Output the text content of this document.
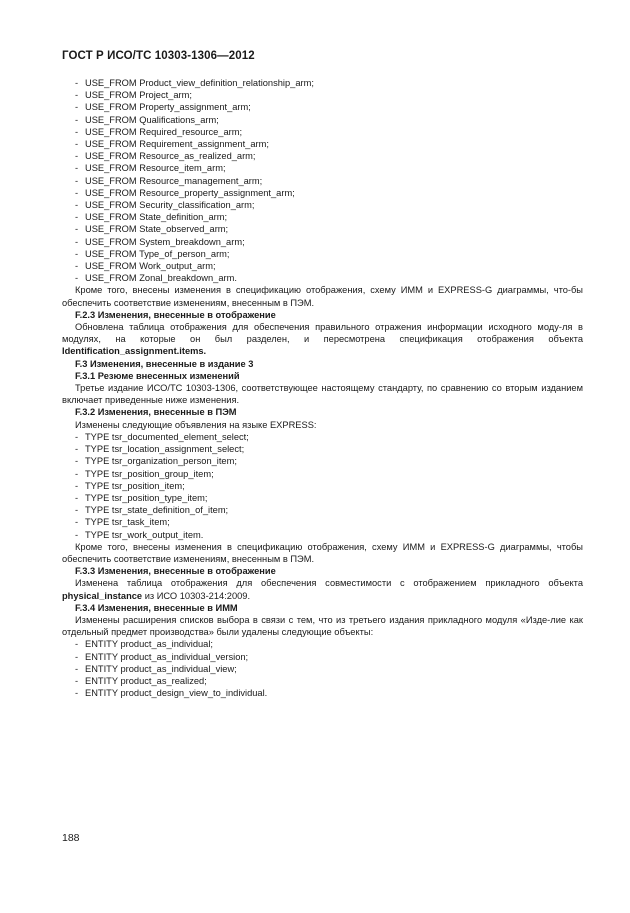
ГОСТ Р ИСО/ТС 10303-1306—2012

- USE_FROM Product_view_definition_relationship_arm;

- USE_FROM Project_arm;

- USE_FROM Property_assignment_arm;

- USE_FROM Qualifications_arm;

- USE_FROM Required_resource_arm;

- USE_FROM Requirement_assignment_arm;

- USE_FROM Resource_as_realized_arm;

- USE_FROM Resource_item_arm;

- USE_FROM Resource_management_arm;

- USE_FROM Resource_property_assignment_arm;

- USE_FROM Security_classification_arm;

- USE_FROM State_definition_arm;

- USE_FROM State_observed_arm;

- USE_FROM System_breakdown_arm;

- USE_FROM Type_of_person_arm;

- USE_FROM Work_output_arm;

- USE_FROM Zonal_breakdown_arm.

Кроме того, внесены изменения в спецификацию отображения, схему ИММ и EXPRESS-G диаграммы, что-бы обеспечить соответствие изменениям, внесенным в ПЭМ.

F.2.3 Изменения, внесенные в отображение

Обновлена таблица отображения для обеспечения правильного отражения информации исходного моду-ля в модулях, на которые он был разделен, и пересмотрена спецификация отображения объекта Identification_assignment.items.

F.3 Изменения, внесенные в издание 3

F.3.1 Резюме внесенных изменений

Третье издание ИСО/ТС 10303-1306, соответствующее настоящему стандарту, по сравнению со вторым изданием включает приведенные ниже изменения.

F.3.2 Изменения, внесенные в ПЭМ

Изменены следующие объявления на языке EXPRESS:

- TYPE tsr_documented_element_select;

- TYPE tsr_location_assignment_select;

- TYPE tsr_organization_person_item;

- TYPE tsr_position_group_item;

- TYPE tsr_position_item;

- TYPE tsr_position_type_item;

- TYPE tsr_state_definition_of_item;

- TYPE tsr_task_item;

- TYPE tsr_work_output_item.

Кроме того, внесены изменения в спецификацию отображения, схему ИММ и EXPRESS-G диаграммы, чтобы обеспечить соответствие изменениям, внесенным в ПЭМ.

F.3.3 Изменения, внесенные в отображение

Изменена таблица отображения для обеспечения совместимости с отображением прикладного объекта physical_instance из ИСО 10303-214:2009.

F.3.4 Изменения, внесенные в ИММ

Изменены расширения списков выбора в связи с тем, что из третьего издания прикладного модуля «Изде-лие как отдельный предмет производства» были удалены следующие объекты:

- ENTITY product_as_individual;

- ENTITY product_as_individual_version;

- ENTITY product_as_individual_view;

- ENTITY product_as_realized;

- ENTITY product_design_view_to_individual.

188
